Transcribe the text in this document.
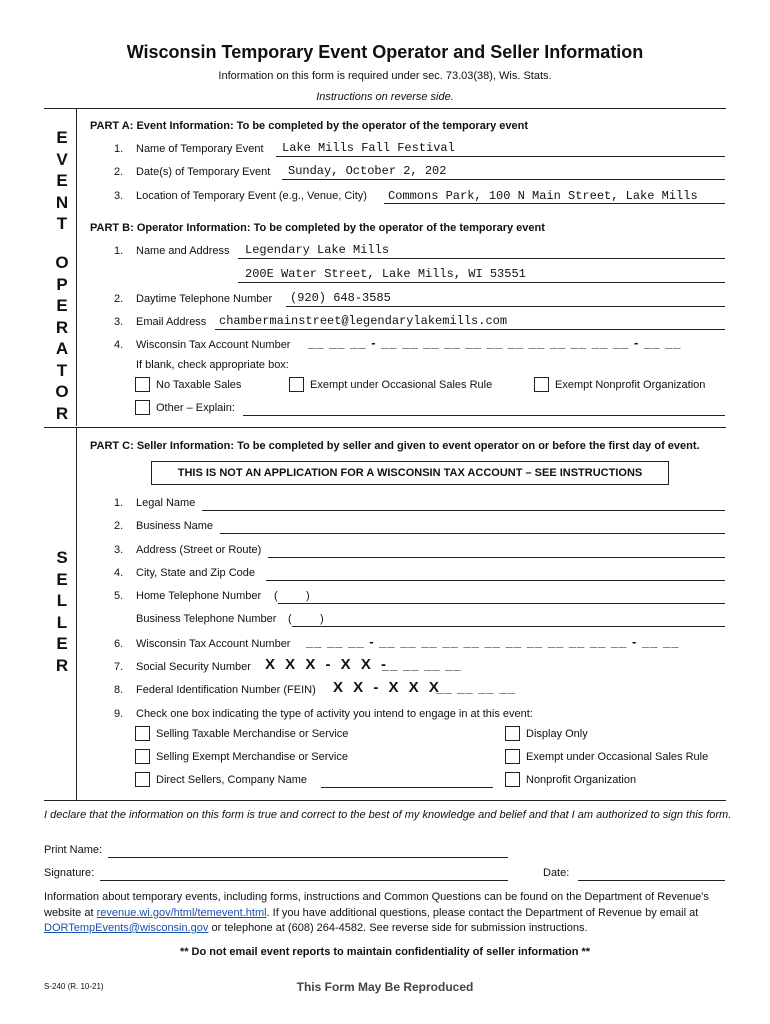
Wisconsin Temporary Event Operator and Seller Information
Information on this form is required under sec. 73.03(38), Wis. Stats.
Instructions on reverse side.
E
V
E
N
T
O
P
E
R
A
T
O
R
S
E
L
L
E
R
PART A: Event Information: To be completed by the operator of the temporary event
1. Name of Temporary Event Lake Mills Fall Festival
2. Date(s) of Temporary Event Sunday, October 2, 202
3. Location of Temporary Event (e.g., Venue, City) Commons Park, 100 N Main Street, Lake Mills
PART B: Operator Information: To be completed by the operator of the temporary event
1. Name and Address Legendary Lake Mills
200E Water Street, Lake Mills, WI 53551
2. Daytime Telephone Number (920) 648-3585
3. Email Address chambermainstreet@legendarylakemills.com
4. Wisconsin Tax Account Number __ __ __ - __ __ __ __ __ __ __ __ __ __ __ __ - __ __
If blank, check appropriate box:
No Taxable Sales	Exempt under Occasional Sales Rule	Exempt Nonprofit Organization
Other – Explain:
PART C: Seller Information: To be completed by seller and given to event operator on or before the first day of event.
THIS IS NOT AN APPLICATION FOR A WISCONSIN TAX ACCOUNT – SEE INSTRUCTIONS
1. Legal Name
2. Business Name
3. Address (Street or Route)
4. City, State and Zip Code
5. Home Telephone Number (	)
Business Telephone Number (	)
6. Wisconsin Tax Account Number __ __ __ - __ __ __ __ __ __ __ __ __ __ __ __ - __ __
7. Social Security Number X X X - X X -
__ __ __ __
8. Federal Identification Number (FEIN) X X - X X X
__ __ __ __
9. Check one box indicating the type of activity you intend to engage in at this event:
Selling Taxable Merchandise or Service	Display Only
Selling Exempt Merchandise or Service	Exempt under Occasional Sales Rule
Direct Sellers, Company Name	Nonprofit Organization
I declare that the information on this form is true and correct to the best of my knowledge and belief and that I am authorized to sign this form.
Print Name:
Signature:	Date:
Information about temporary events, including forms, instructions and Common Questions can be found on the Department of Revenue's website at revenue.wi.gov/html/temevent.html. If you have additional questions, please contact the Department of Revenue by email at DORTempEvents@wisconsin.gov or telephone at (608) 264-4582. See reverse side for submission instructions.
** Do not email event reports to maintain confidentiality of seller information **
S-240 (R. 10-21)	This Form May Be Reproduced
